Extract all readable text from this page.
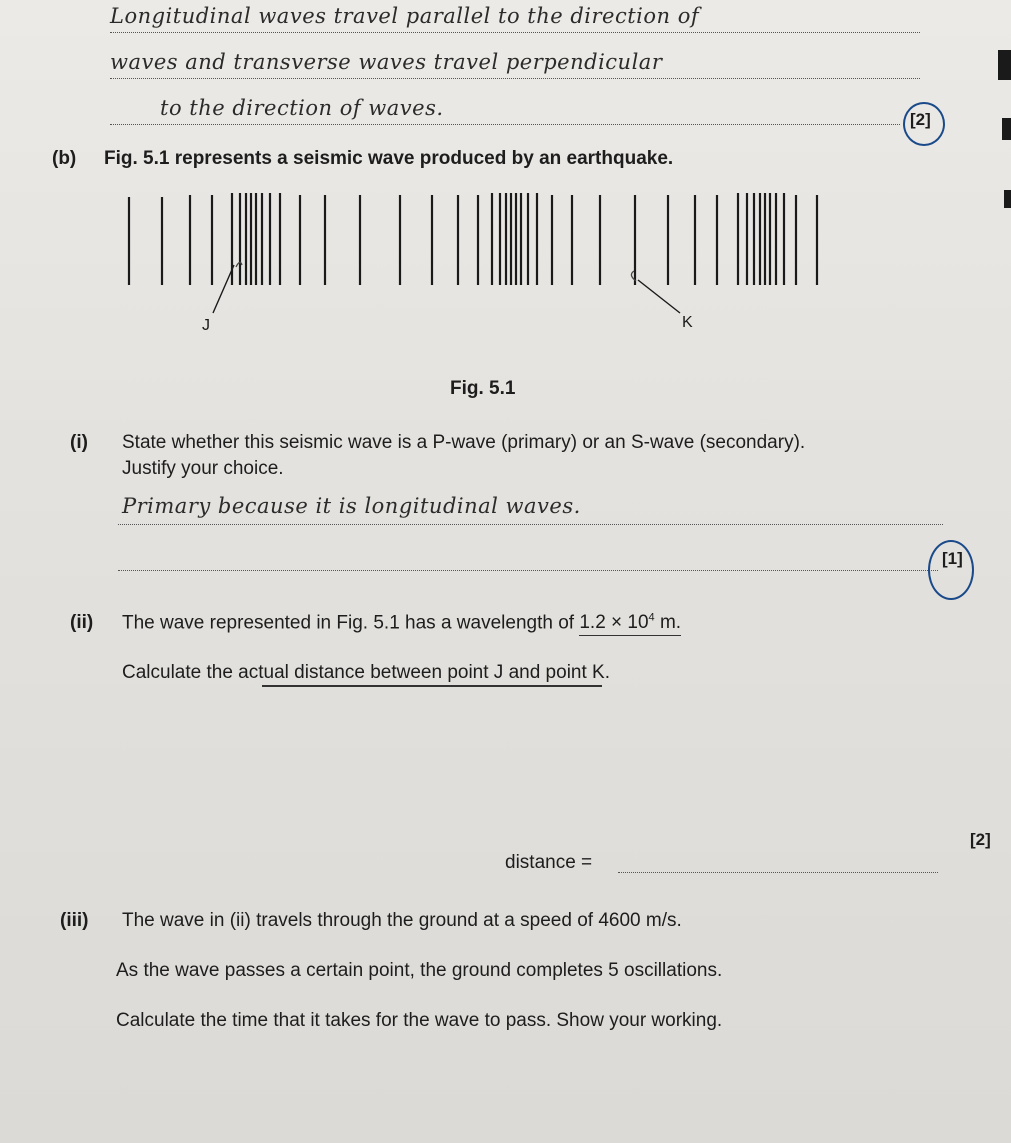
Longitudinal waves travel parallel to the direction of
waves and transverse waves travel perpendicular
to the direction of waves.	[2]
(b) Fig. 5.1 represents a seismic wave produced by an earthquake.
J	K
Fig. 5.1
(i) State whether this seismic wave is a P-wave (primary) or an S-wave (secondary).
Justify your choice.
Primary because it is longitudinal waves.
[1]
(ii) The wave represented in Fig. 5.1 has a wavelength of $1.2 \times 10^4$ m.
Calculate the actual distance between point J and point K.
distance =
[2]
(iii) The wave in (ii) travels through the ground at a speed of 4600 m/s.
As the wave passes a certain point, the ground completes 5 oscillations.
Calculate the time that it takes for the wave to pass. Show your working.
